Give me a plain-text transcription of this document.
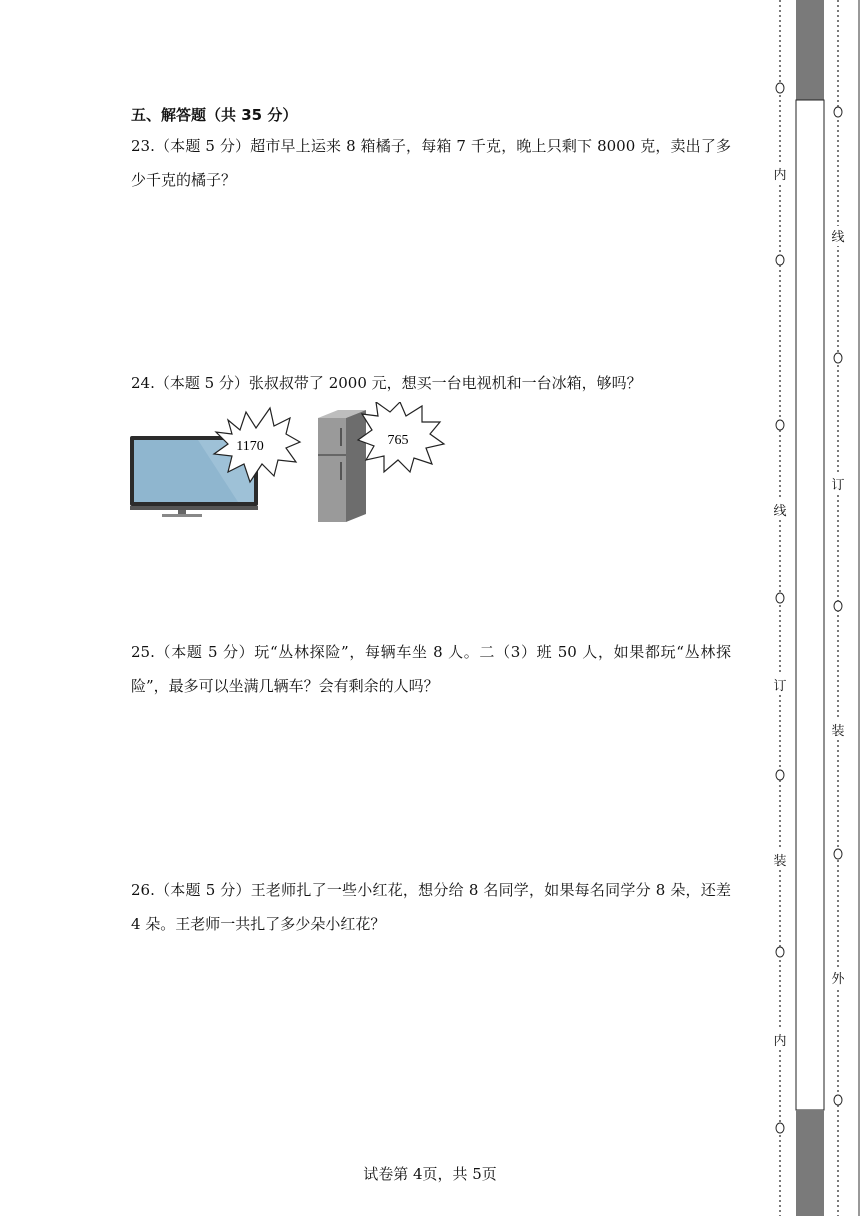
五、解答题（共 35 分）
23.（本题 5 分）超市早上运来 8 箱橘子，每箱 7 千克，晚上只剩下 8000 克，卖出了多少千克的橘子？
24.（本题 5 分）张叔叔带了 2000 元，想买一台电视机和一台冰箱，够吗？
1170	765
25.（本题 5 分）玩“丛林探险”，每辆车坐 8 人。二（3）班 50 人，如果都玩“丛林探险”，最多可以坐满几辆车？会有剩余的人吗？
26.（本题 5 分）王老师扎了一些小红花，想分给 8 名同学，如果每名同学分 8 朵，还差 4 朵。王老师一共扎了多少朵小红花？
试卷第 4页，共 5页
内
线
订
装
内
线
订
装
外
